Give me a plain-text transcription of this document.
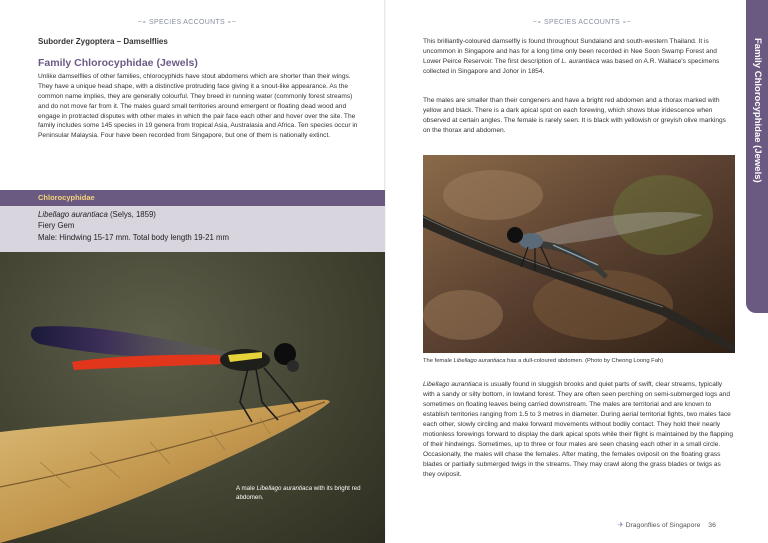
~∘ SPECIES ACCOUNTS ∘~
Suborder Zygoptera – Damselflies
Family Chlorocyphidae (Jewels)

Unlike damselflies of other families, chlorocyphids have stout abdomens which are shorter than their wings. They have a unique head shape, with a distinctive protruding face giving it a snout-like appearance. As the common name implies, they are generally colourful. They breed in running water (commonly forest streams) and do not move far from it. The males guard small territories around emergent or floating dead wood and engage in protracted disputes with other males in which the pair face each other and hover over the site. The family includes some 145 species in 19 genera from tropical Asia, Australasia and Africa. Ten species occur in Peninsular Malaysia. Four have been recorded from Singapore, but one of them is nationally extinct.

Chlorocyphidae
Libellago aurantiaca (Selys, 1859)
Fiery Gem
Male: Hindwing 15-17 mm. Total body length 19-21 mm
A male Libellago aurantiaca with its bright red abdomen.
~∘ SPECIES ACCOUNTS ∘~

This brilliantly-coloured damselfly is found throughout Sundaland and south-western Thailand. It is uncommon in Singapore and has for a long time only been recorded in Nee Soon Swamp Forest and Lower Peirce Reservoir. The first description of L. aurantiaca was based on A.R. Wallace's specimens collected in Singapore and Johor in 1854.

The males are smaller than their congeners and have a bright red abdomen and a thorax marked with yellow and black. There is a dark apical spot on each forewing, which shows blue iridescence when observed at certain angles. The female is rarely seen. It is black with yellowish or greyish olive markings on the thorax and abdomen.

The female Libellago aurantiaca has a dull-coloured abdomen. (Photo by Cheong Loong Fah)

Libellago aurantiaca is usually found in sluggish brooks and quiet parts of swift, clear streams, typically with a sandy or silty bottom, in lowland forest. They are often seen perching on semi-submerged logs and sometimes on floating leaves being carried downstream. The males are territorial and are known to establish territories ranging from 1.5 to 3 metres in diameter. During aerial territorial fights, two males face each other, slowly circling and make forward movements without bodily contact. They hold their nearly motionless forewings forward to display the dark apical spots while their flight is maintained by the flapping of their hindwings. Sometimes, up to three or four males are seen chasing each other in a small circle. Occasionally, the males will chase the females. After mating, the females oviposit on the floating grass blades or partially submerged twigs in the streams. They may crawl along the grass blades or twigs as they oviposit.

Family Chlorocyphidae (Jewels)
✈ Dragonflies of Singapore 36
